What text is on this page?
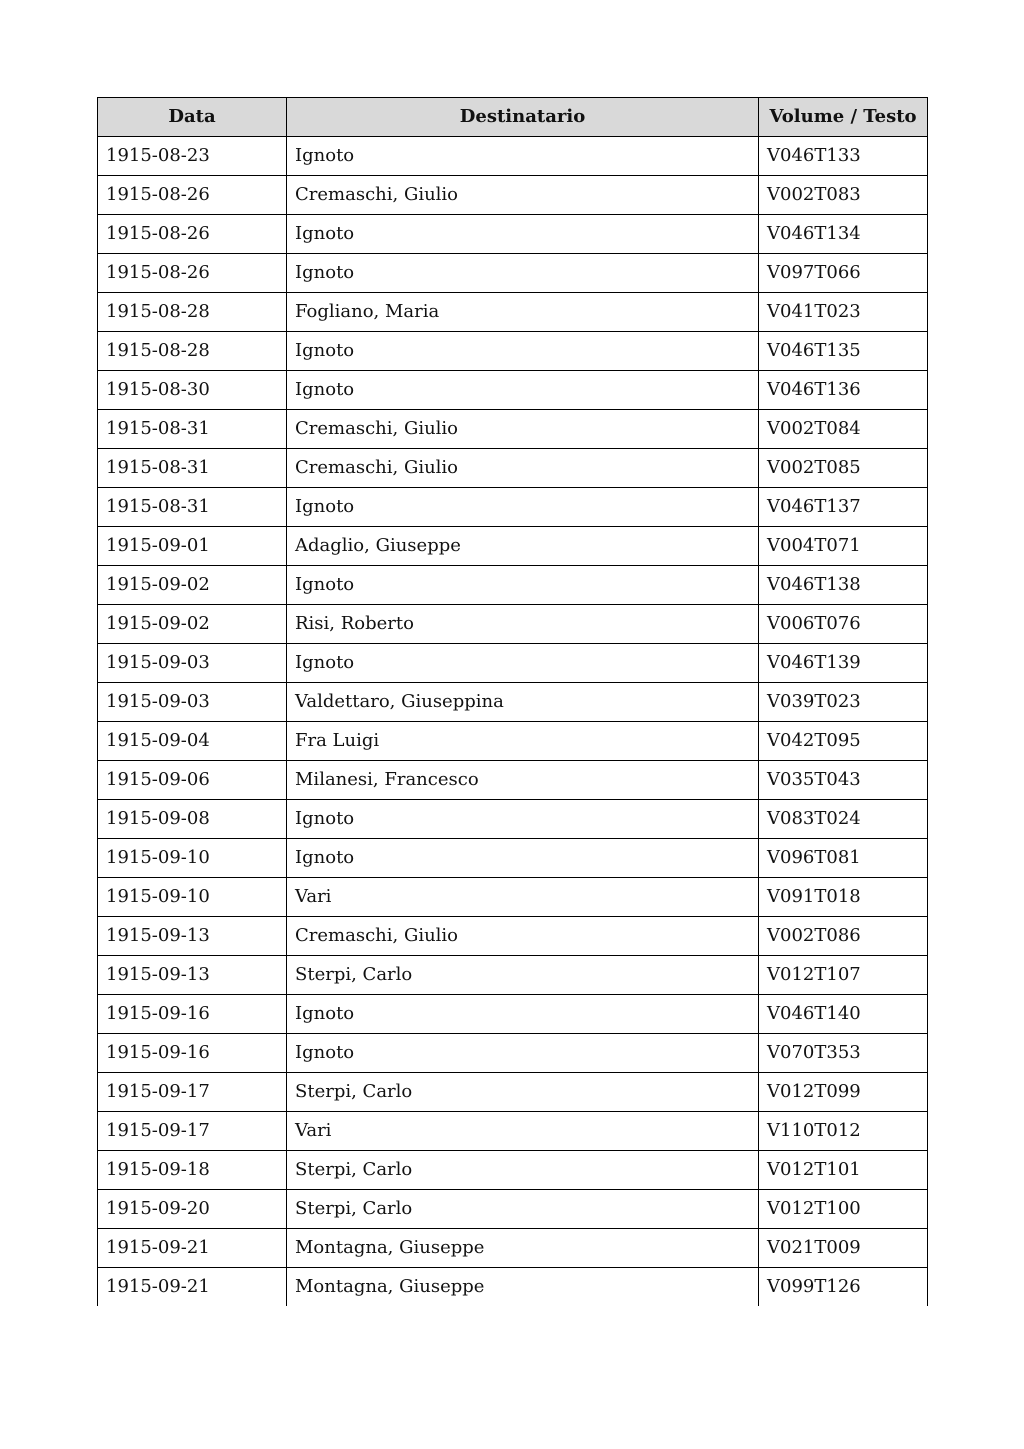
Data	Destinatario	Volume / Testo
1915-08-23	Ignoto	V046T133
1915-08-26	Cremaschi, Giulio	V002T083
1915-08-26	Ignoto	V046T134
1915-08-26	Ignoto	V097T066
1915-08-28	Fogliano, Maria	V041T023
1915-08-28	Ignoto	V046T135
1915-08-30	Ignoto	V046T136
1915-08-31	Cremaschi, Giulio	V002T084
1915-08-31	Cremaschi, Giulio	V002T085
1915-08-31	Ignoto	V046T137
1915-09-01	Adaglio, Giuseppe	V004T071
1915-09-02	Ignoto	V046T138
1915-09-02	Risi, Roberto	V006T076
1915-09-03	Ignoto	V046T139
1915-09-03	Valdettaro, Giuseppina	V039T023
1915-09-04	Fra Luigi	V042T095
1915-09-06	Milanesi, Francesco	V035T043
1915-09-08	Ignoto	V083T024
1915-09-10	Ignoto	V096T081
1915-09-10	Vari	V091T018
1915-09-13	Cremaschi, Giulio	V002T086
1915-09-13	Sterpi, Carlo	V012T107
1915-09-16	Ignoto	V046T140
1915-09-16	Ignoto	V070T353
1915-09-17	Sterpi, Carlo	V012T099
1915-09-17	Vari	V110T012
1915-09-18	Sterpi, Carlo	V012T101
1915-09-20	Sterpi, Carlo	V012T100
1915-09-21	Montagna, Giuseppe	V021T009
1915-09-21	Montagna, Giuseppe	V099T126
